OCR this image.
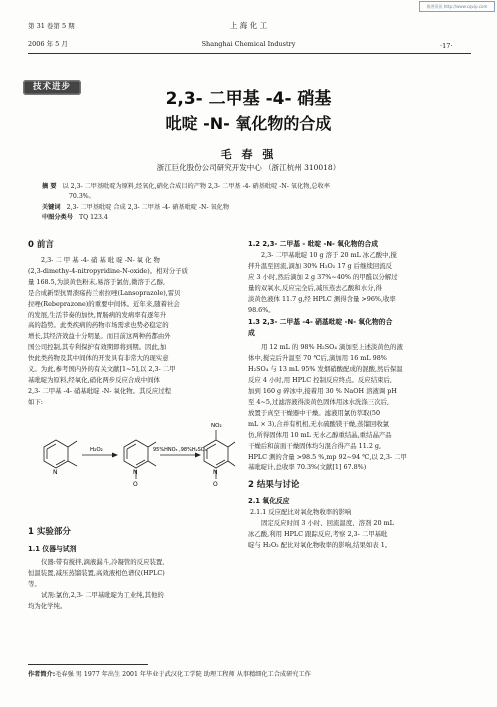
维普资讯 http://www.cqvip.com
第 31 卷第 5 期
2006 年 5 月
上 海 化 工
Shanghai Chemical Industry	·17·
技术进步
2,3- 二甲基 -4- 硝基
吡啶 -N- 氧化物的合成
毛 春 强
浙江巨化股份公司研究开发中心 （浙江杭州 310018）
摘 要 以 2,3- 二甲基吡啶为原料,经氧化,硝化合成目的产物 2,3- 二甲基 -4- 硝基吡啶 -N- 氧化物,总收率
70.3%。
关键词 2,3- 二甲基吡啶 合成 2,3- 二甲基 -4- 硝基吡啶 -N- 氧化物
中图分类号 TQ 123.4
0 前言
2,3- 二 甲 基 -4- 硝 基 吡 啶 -N- 氧 化 物
(2,3-dimethy-4-nitropyridine-N-oxide)。相对分子质
量 168.5,为淡黄色粉末,易溶于氯仿,微溶于乙醇,
是合成新型抗胃溃疡药兰索拉唑(Lansoprazole),雷贝
拉唑(Rebeprazone)的重要中间体。近年来,随着社会
的发展,生活节奏的加快,胃肠病的发病率有逐年升
高的趋势。此类疾病的药物市场需求也势必稳定的
增长,其经济效益十分明显。而目前这两种药都由外
国公司控制,其专利保护有效期即将到期。因此,加
快此类药物及其中间体的开发具有非常大的现实意
义。为此,参考国内外的有关文献[1~5],以 2,3- 二甲
基吡啶为原料,经氧化,硝化两步反应合成中间体
2,3- 二甲基 -4- 硝基吡啶 -N- 氧化物。其反应过程
如下:
N
H₂O₂
N
O
95%HNO₃ ,98%H₂SO₄
NO₂
N
O
1 实验部分
1.1 仪器与试剂
仪器:带有搅拌,滴液漏斗,冷凝管的反应装置,
恒温装置,减压蒸馏装置,高效液相色谱仪(HPLC)
等。
试剂:氯仿,2,3- 二甲基吡啶为工业纯,其他的
均为化学纯。
1.2 2,3- 二甲基 - 吡啶 -N- 氧化物的合成
2,3- 二甲基吡啶 10 g 溶于 20 mL 冰乙酸中,搅
拌升温至回流,滴加 30% H₂O₂ 17 g 后继续回流反
应 3 小时,然后滴加 2 g 37%~40% 的甲醛以分解过
量的双氧水,反应完全后,减压蒸去乙酸和水分,得
淡黄色液体 11.7 g,经 HPLC 测得含量 >96%,收率
98.6%。
1.3 2,3- 二甲基 -4- 硝基吡啶 -N- 氧化物的合
成
用 12 mL 的 98% H₂SO₄ 滴加至上述淡黄色的液
体中,搅完后升温至 70 ℃后,滴加用 16 mL 98%
H₂SO₄ 与 13 mL 95% 发烟硝酸配成的混酸,然后保温
反应 4 小时,用 HPLC 控制反应终点。反应结束后,
加到 160 g 碎冰中,接着用 30 % NaOH 溶液调 pH
至 4~5,过滤溶液得淡黄色固体用冰水洗涤三次后,
放置于真空干燥器中干燥。滤液用氯仿萃取(50
mL × 3),合并有机相,无水硫酸镁干燥,蒸馏回收氯
仿,所得固体用 10 mL 无水乙醇重结晶,重结晶产品
干燥后和前面干燥固体均匀混合得产品 11.2 g,
HPLC 测的含量 >98.5 %,mp 92~94 ℃,以 2,3- 二甲
基吡啶计,总收率 70.3%(文献[1] 67.8%)
2 结果与讨论
2.1 氧化反应
2.1.1 反应配比对氧化物收率的影响
固定反应时间 3 小时、回流温度、溶剂 20 mL
冰乙酸,利用 HPLC 跟踪反应,考察 2,3- 二甲基吡
啶与 H₂O₂ 配比对氧化物收率的影响,结果如表 1。
作者简介:毛春强 男 1977 年出生 2001 年毕业于武汉化工学院 助理工程师 从事精细化工合成研究工作
